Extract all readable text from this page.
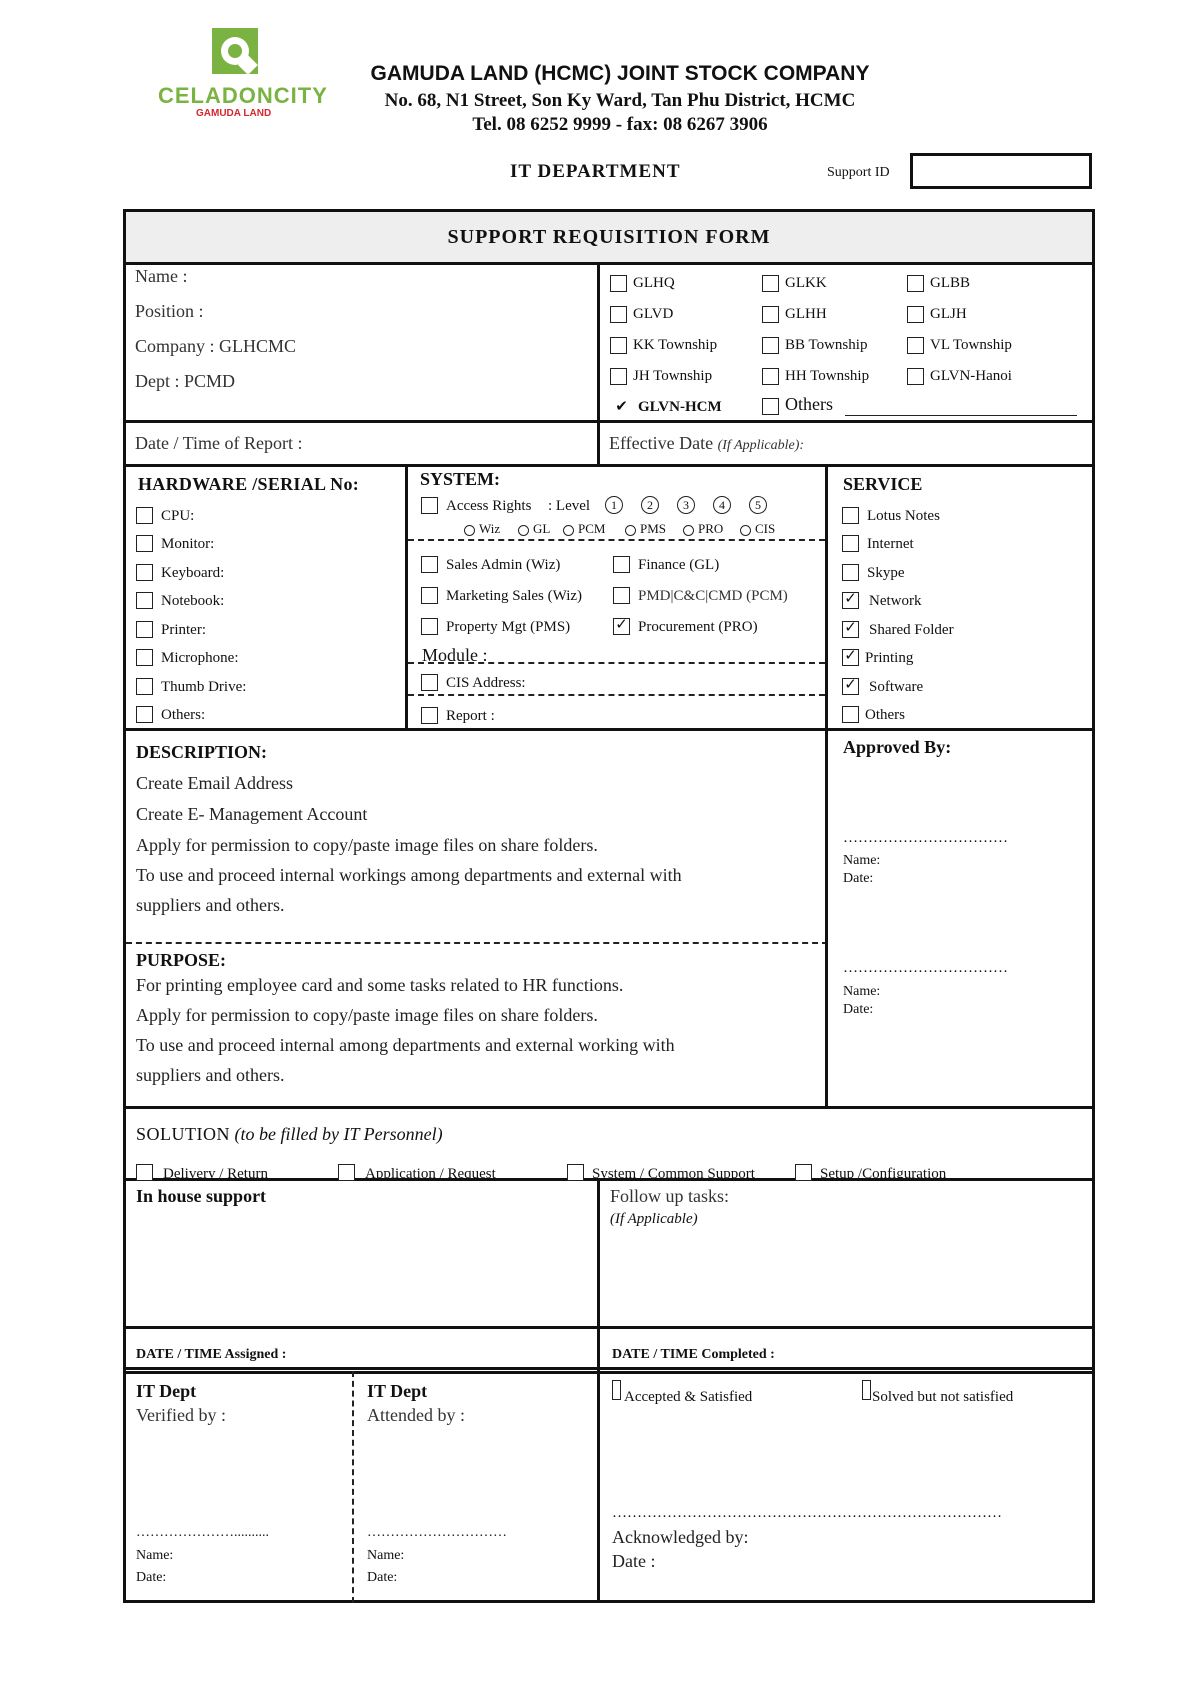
CELADONCITY
GAMUDA LAND
GAMUDA LAND (HCMC) JOINT STOCK COMPANY
No. 68, N1 Street, Son Ky Ward, Tan Phu District, HCMC
Tel. 08 6252 9999 - fax: 08 6267 3906
IT DEPARTMENT	Support ID
SUPPORT REQUISITION FORM
Name :
Position :
Company : GLHCMC
Dept : PCMD
GLHQ	GLKK	GLBB
GLVD	GLHH	GLJH
KK Township	BB Township	VL Township
JH Township	HH Township	GLVN-Hanoi
✔ GLVN-HCM	Others
Date / Time of Report :	Effective Date (If Applicable):
HARDWARE /SERIAL No:
CPU:
Monitor:
Keyboard:
Notebook:
Printer:
Microphone:
Thumb Drive:
Others:
SYSTEM:
Access Rights : Level	1	2	3	4	5
Wiz	GL PCM	PMS PRO CIS
Sales Admin (Wiz)	Finance (GL)
Marketing Sales (Wiz)	PMD|C&C|CMD (PCM)
Property Mgt (PMS)	✓ Procurement (PRO)
Module :
CIS Address:
Report :
SERVICE
Lotus Notes
Internet
Skype
✓ Network
✓ Shared Folder
✓ Printing
✓ Software
Others
DESCRIPTION:
Create Email Address
Create E- Management Account
Apply for permission to copy/paste image files on share folders.
To use and proceed internal workings among departments and external with
suppliers and others.
PURPOSE:
For printing employee card and some tasks related to HR functions.
Apply for permission to copy/paste image files on share folders.
To use and proceed internal among departments and external working with
suppliers and others.
Approved By:
……………………………
Name:
Date:
……………………………
Name:
Date:
SOLUTION (to be filled by IT Personnel)
Delivery / Return	Application / Request	System / Common Support	Setup /Configuration
In house support	Follow up tasks:
(If Applicable)
DATE / TIME Assigned :	DATE / TIME Completed :
IT Dept
Verified by :
…………………..........
Name:
Date:
IT Dept
Attended by :
…………………………
Name:
Date:
Accepted & Satisfied	Solved but not satisfied
……………………………………………………………………
Acknowledged by:
Date :
